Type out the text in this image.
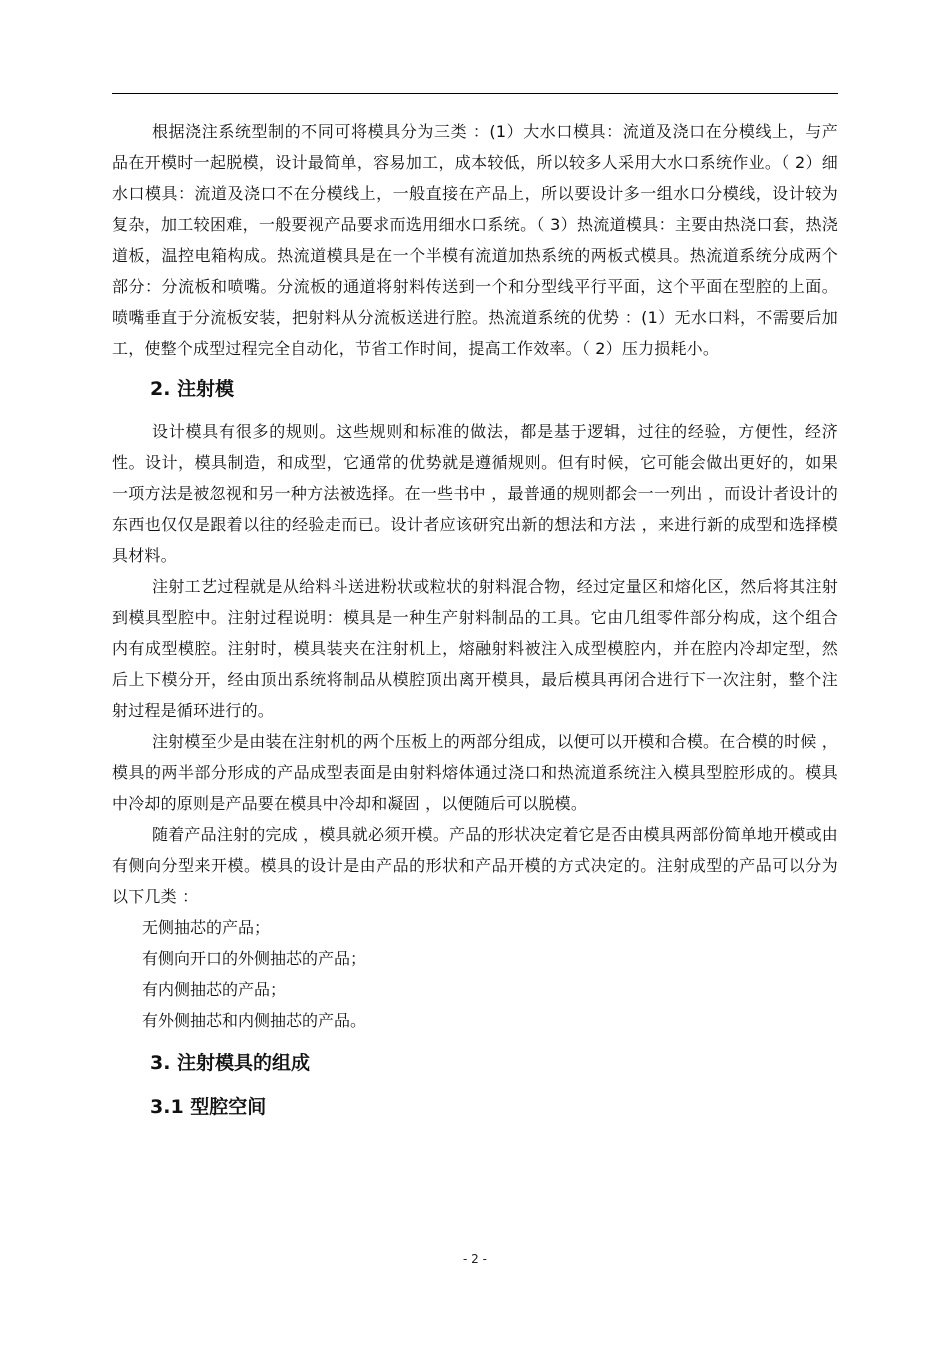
根据浇注系统型制的不同可将模具分为三类 ：(1）大水口模具：流道及浇口在分模线上，与产品在开模时一起脱模，设计最简单，容易加工，成本较低，所以较多人采用大水口系统作业。（ 2）细水口模具：流道及浇口不在分模线上，一般直接在产品上，所以要设计多一组水口分模线，设计较为复杂，加工较困难，一般要视产品要求而选用细水口系统。（ 3）热流道模具：主要由热浇口套，热浇道板，温控电箱构成。热流道模具是在一个半模有流道加热系统的两板式模具。热流道系统分成两个部分：分流板和喷嘴。分流板的通道将射料传送到一个和分型线平行平面，这个平面在型腔的上面。喷嘴垂直于分流板安装，把射料从分流板送进行腔。热流道系统的优势 ：(1）无水口料，不需要后加工，使整个成型过程完全自动化，节省工作时间，提高工作效率。（ 2）压力损耗小。

2. 注射模

设计模具有很多的规则。这些规则和标准的做法，都是基于逻辑，过往的经验，方便性，经济性。设计，模具制造，和成型，它通常的优势就是遵循规则。但有时候，它可能会做出更好的，如果一项方法是被忽视和另一种方法被选择。在一些书中 ，最普通的规则都会一一列出 ，而设计者设计的东西也仅仅是跟着以往的经验走而已。设计者应该研究出新的想法和方法 ，来进行新的成型和选择模具材料。

注射工艺过程就是从给料斗送进粉状或粒状的射料混合物，经过定量区和熔化区，然后将其注射到模具型腔中。注射过程说明：模具是一种生产射料制品的工具。它由几组零件部分构成，这个组合内有成型模腔。注射时，模具装夹在注射机上，熔融射料被注入成型模腔内，并在腔内冷却定型，然后上下模分开，经由顶出系统将制品从模腔顶出离开模具，最后模具再闭合进行下一次注射，整个注射过程是循环进行的。

注射模至少是由装在注射机的两个压板上的两部分组成，以便可以开模和合模。在合模的时候 ，模具的两半部分形成的产品成型表面是由射料熔体通过浇口和热流道系统注入模具型腔形成的。模具中冷却的原则是产品要在模具中冷却和凝固 ，以便随后可以脱模。

随着产品注射的完成 ，模具就必须开模。产品的形状决定着它是否由模具两部份简单地开模或由有侧向分型来开模。模具的设计是由产品的形状和产品开模的方式决定的。注射成型的产品可以分为以下几类 ：

无侧抽芯的产品；
有侧向开口的外侧抽芯的产品；
有内侧抽芯的产品；
有外侧抽芯和内侧抽芯的产品。
3. 注射模具的组成
3.1 型腔空间
- 2 -
